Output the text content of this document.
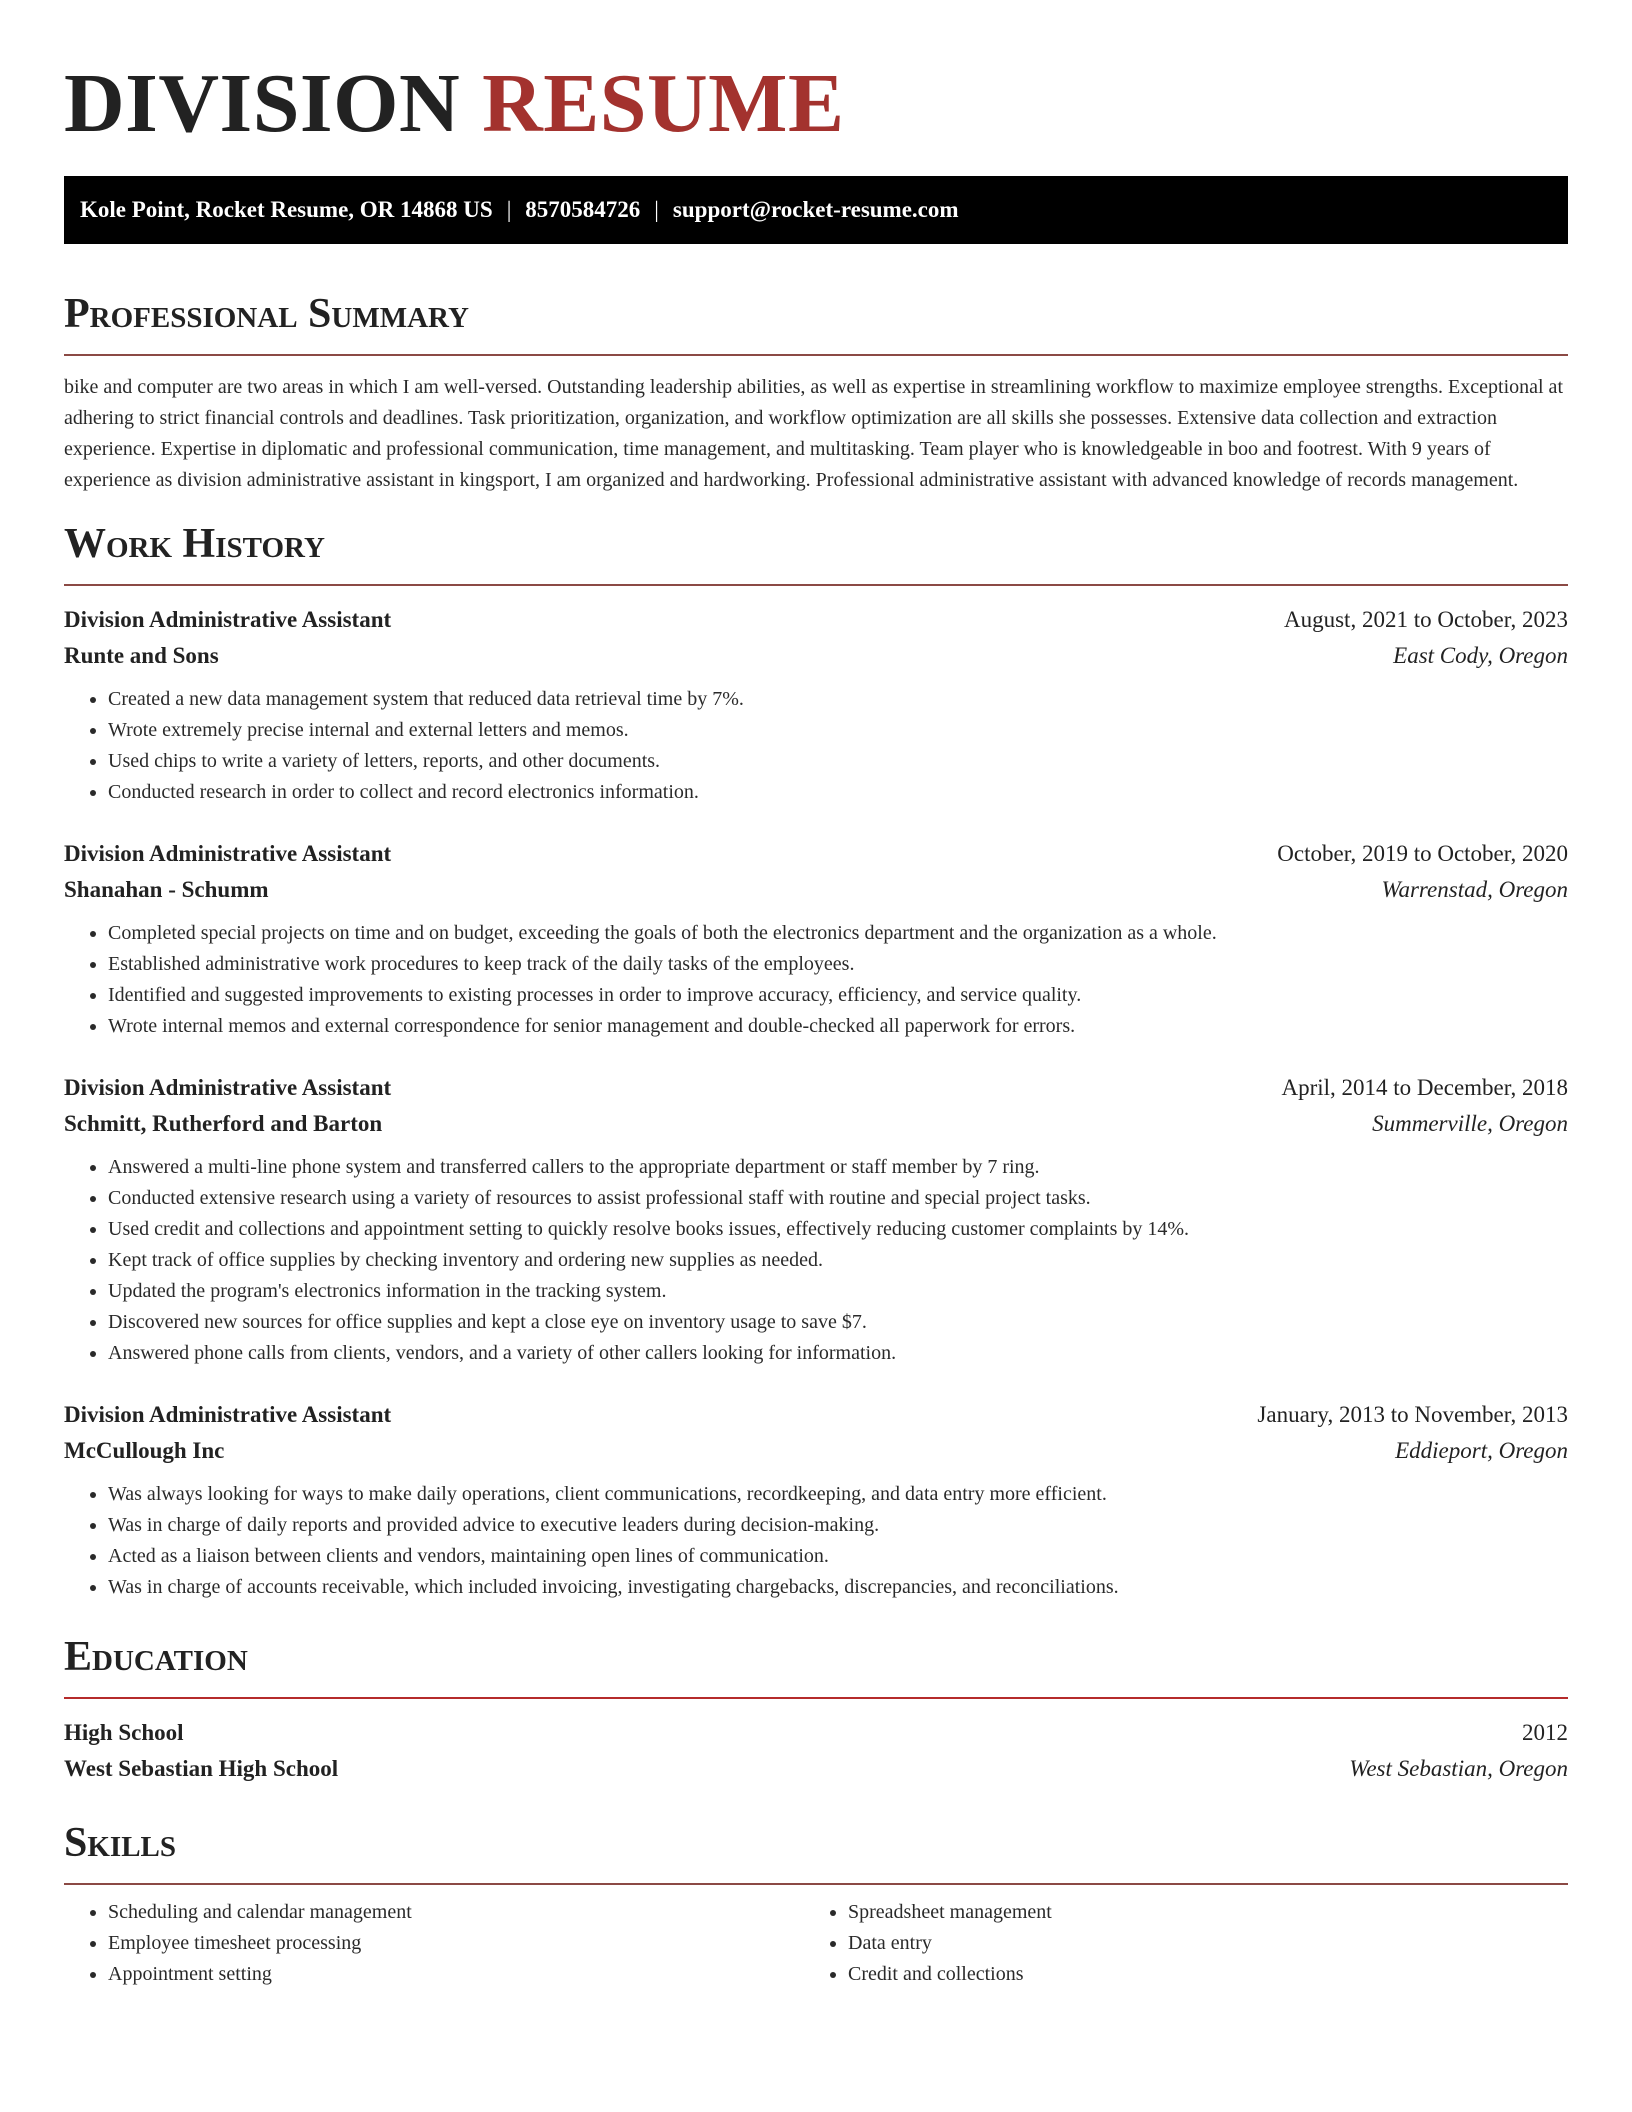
DIVISION RESUME
Kole Point, Rocket Resume, OR 14868 US | 8570584726 | support@rocket-resume.com
Professional Summary
bike and computer are two areas in which I am well-versed. Outstanding leadership abilities, as well as expertise in streamlining workflow to maximize employee strengths. Exceptional at adhering to strict financial controls and deadlines. Task prioritization, organization, and workflow optimization are all skills she possesses. Extensive data collection and extraction experience. Expertise in diplomatic and professional communication, time management, and multitasking. Team player who is knowledgeable in boo and footrest. With 9 years of experience as division administrative assistant in kingsport, I am organized and hardworking. Professional administrative assistant with advanced knowledge of records management.
Work History
Division Administrative Assistant	August, 2021 to October, 2023
Runte and Sons	East Cody, Oregon
• Created a new data management system that reduced data retrieval time by 7%.
• Wrote extremely precise internal and external letters and memos.
• Used chips to write a variety of letters, reports, and other documents.
• Conducted research in order to collect and record electronics information.
Division Administrative Assistant	October, 2019 to October, 2020
Shanahan - Schumm	Warrenstad, Oregon
• Completed special projects on time and on budget, exceeding the goals of both the electronics department and the organization as a whole.
• Established administrative work procedures to keep track of the daily tasks of the employees.
• Identified and suggested improvements to existing processes in order to improve accuracy, efficiency, and service quality.
• Wrote internal memos and external correspondence for senior management and double-checked all paperwork for errors.
Division Administrative Assistant	April, 2014 to December, 2018
Schmitt, Rutherford and Barton	Summerville, Oregon
• Answered a multi-line phone system and transferred callers to the appropriate department or staff member by 7 ring.
• Conducted extensive research using a variety of resources to assist professional staff with routine and special project tasks.
• Used credit and collections and appointment setting to quickly resolve books issues, effectively reducing customer complaints by 14%.
• Kept track of office supplies by checking inventory and ordering new supplies as needed.
• Updated the program's electronics information in the tracking system.
• Discovered new sources for office supplies and kept a close eye on inventory usage to save $7.
• Answered phone calls from clients, vendors, and a variety of other callers looking for information.
Division Administrative Assistant	January, 2013 to November, 2013
McCullough Inc	Eddieport, Oregon
• Was always looking for ways to make daily operations, client communications, recordkeeping, and data entry more efficient.
• Was in charge of daily reports and provided advice to executive leaders during decision-making.
• Acted as a liaison between clients and vendors, maintaining open lines of communication.
• Was in charge of accounts receivable, which included invoicing, investigating chargebacks, discrepancies, and reconciliations.
Education
High School	2012
West Sebastian High School	West Sebastian, Oregon
Skills
• Scheduling and calendar management
• Employee timesheet processing
• Appointment setting
• Spreadsheet management
• Data entry
• Credit and collections
